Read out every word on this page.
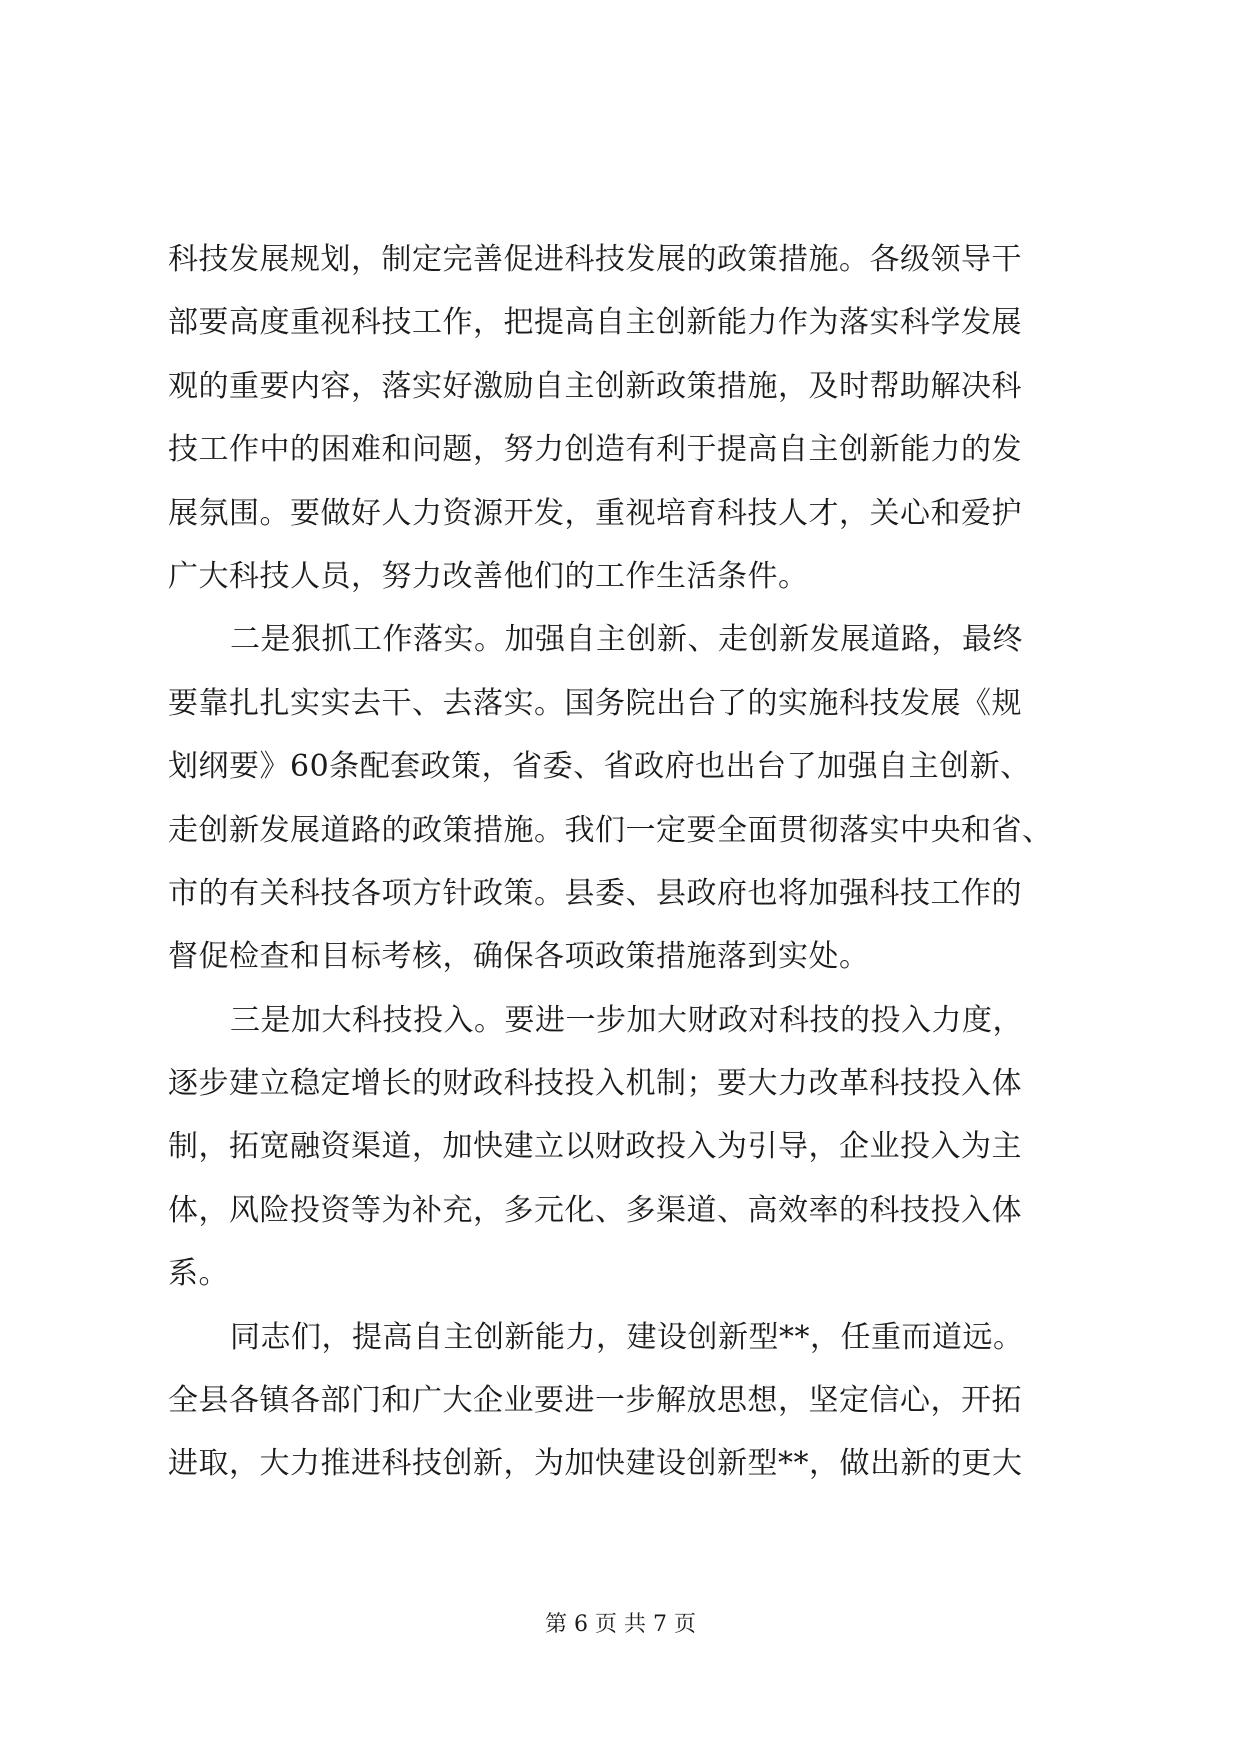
科技发展规划，制定完善促进科技发展的政策措施。各级领导干
部要高度重视科技工作，把提高自主创新能力作为落实科学发展
观的重要内容，落实好激励自主创新政策措施，及时帮助解决科
技工作中的困难和问题，努力创造有利于提高自主创新能力的发
展氛围。要做好人力资源开发，重视培育科技人才，关心和爱护
广大科技人员，努力改善他们的工作生活条件。
二是狠抓工作落实。加强自主创新、走创新发展道路，最终
要靠扎扎实实去干、去落实。国务院出台了的实施科技发展《规
划纲要》60条配套政策，省委、省政府也出台了加强自主创新、
走创新发展道路的政策措施。我们一定要全面贯彻落实中央和省、
市的有关科技各项方针政策。县委、县政府也将加强科技工作的
督促检查和目标考核，确保各项政策措施落到实处。
三是加大科技投入。要进一步加大财政对科技的投入力度，
逐步建立稳定增长的财政科技投入机制；要大力改革科技投入体
制，拓宽融资渠道，加快建立以财政投入为引导，企业投入为主
体，风险投资等为补充，多元化、多渠道、高效率的科技投入体
系。
同志们，提高自主创新能力，建设创新型**，任重而道远。
全县各镇各部门和广大企业要进一步解放思想，坚定信心，开拓
进取，大力推进科技创新，为加快建设创新型**，做出新的更大
第 6 页 共 7 页
